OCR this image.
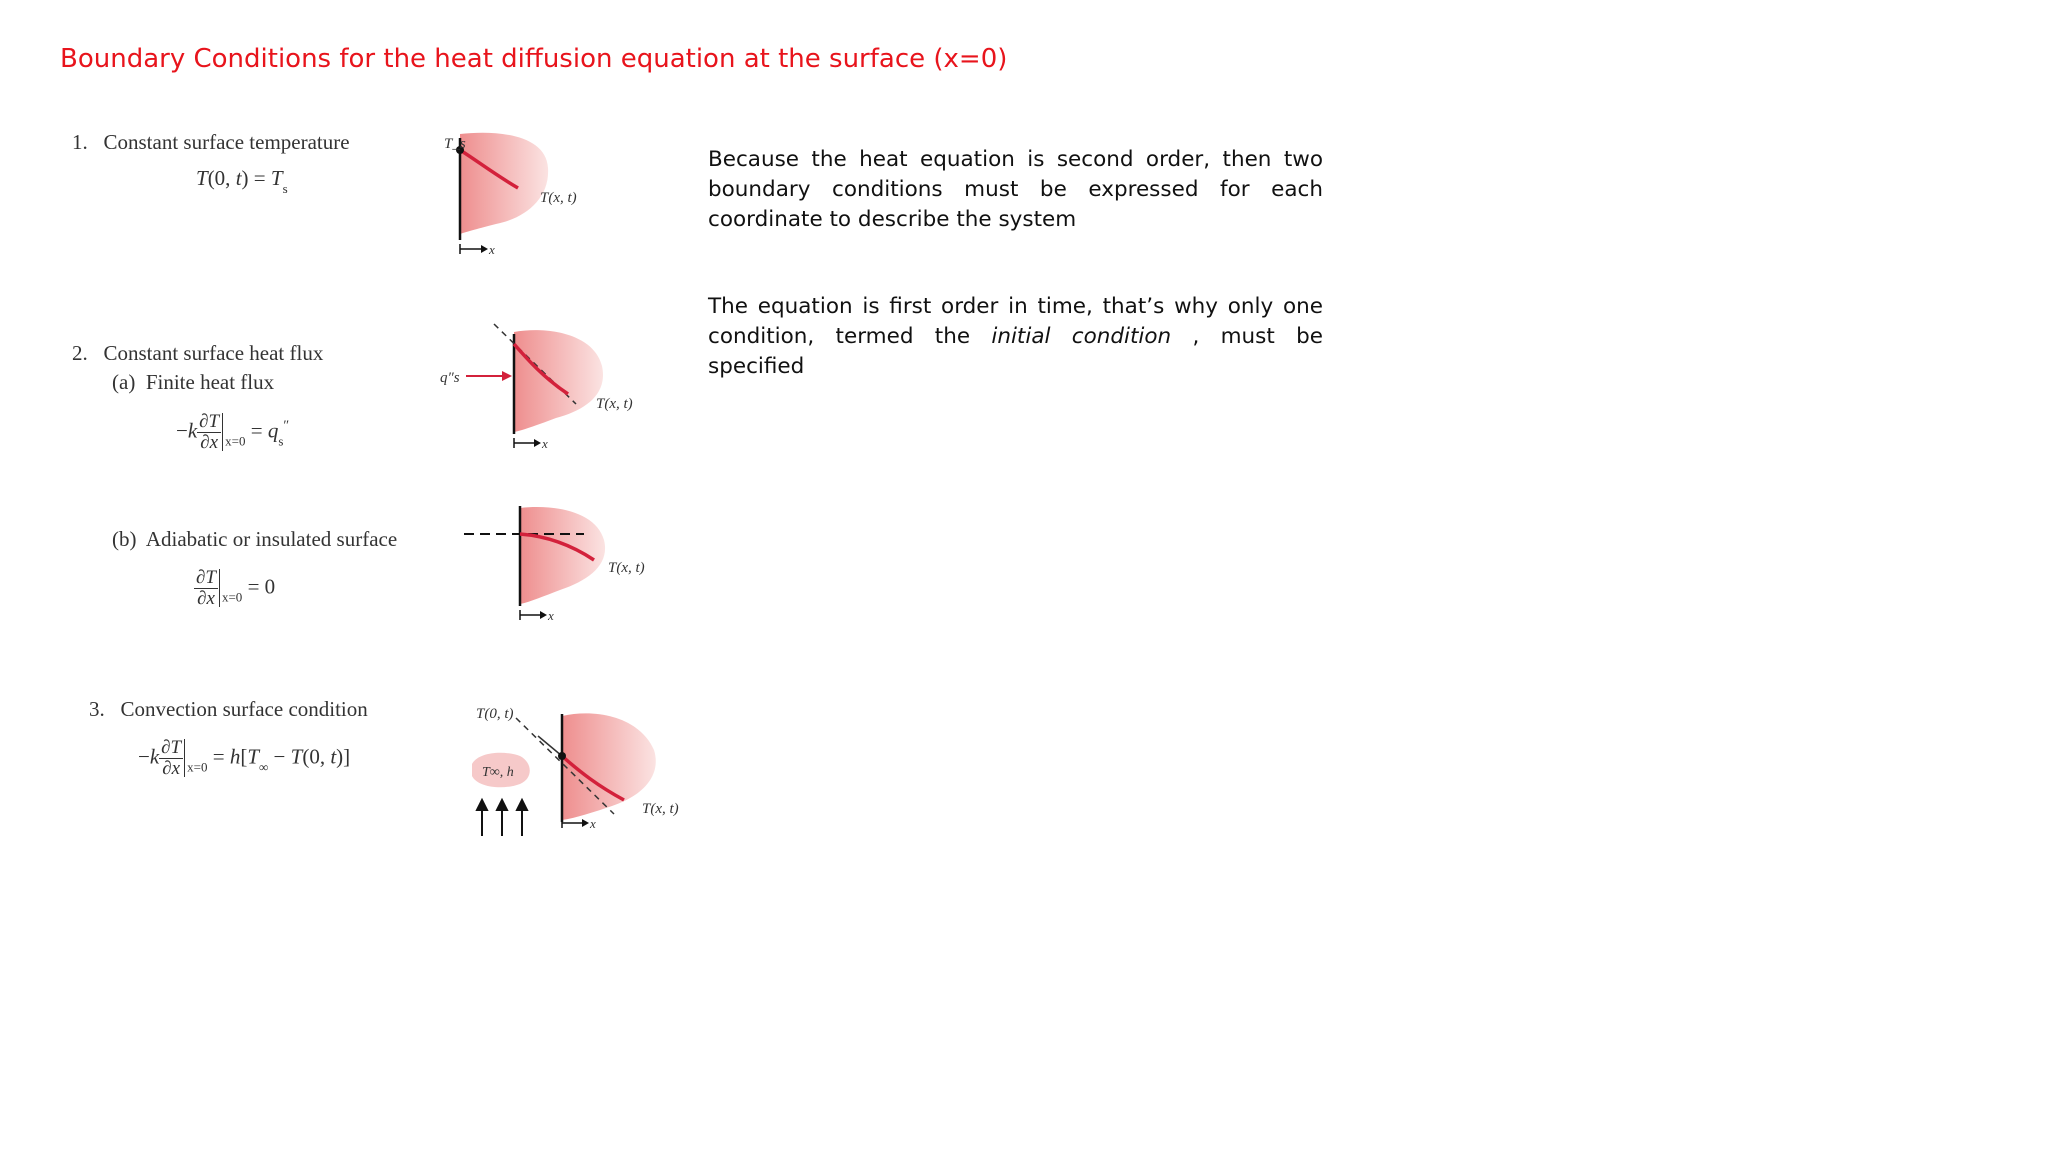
Boundary Conditions for the heat diffusion equation at the surface (x=0)
1. Constant surface temperature
T(0, $t) = T_s$
T_s
T(x, t)
x
2. Constant surface heat flux
(a) Finite heat flux
$-k \frac{\partial T}{\partial x} _{x=0} = q_s''$
q″s
T(x, t)
x
(b) Adiabatic or insulated surface
$\frac{\partial T}{\partial x} _{x=0} = 0$
T(x, t)
x
3. Convection surface condition
$-k \frac{\partial T}{\partial x} _{x=0} = h[T_\infty - T(0$, t)]
T∞, h
T(0, t)
T(x, t)
x
Because the heat equation is second order, then two boundary conditions must be expressed for each coordinate to describe the system
The equation is first order in time, that’s why only one condition, termed the initial condition , must be specified
